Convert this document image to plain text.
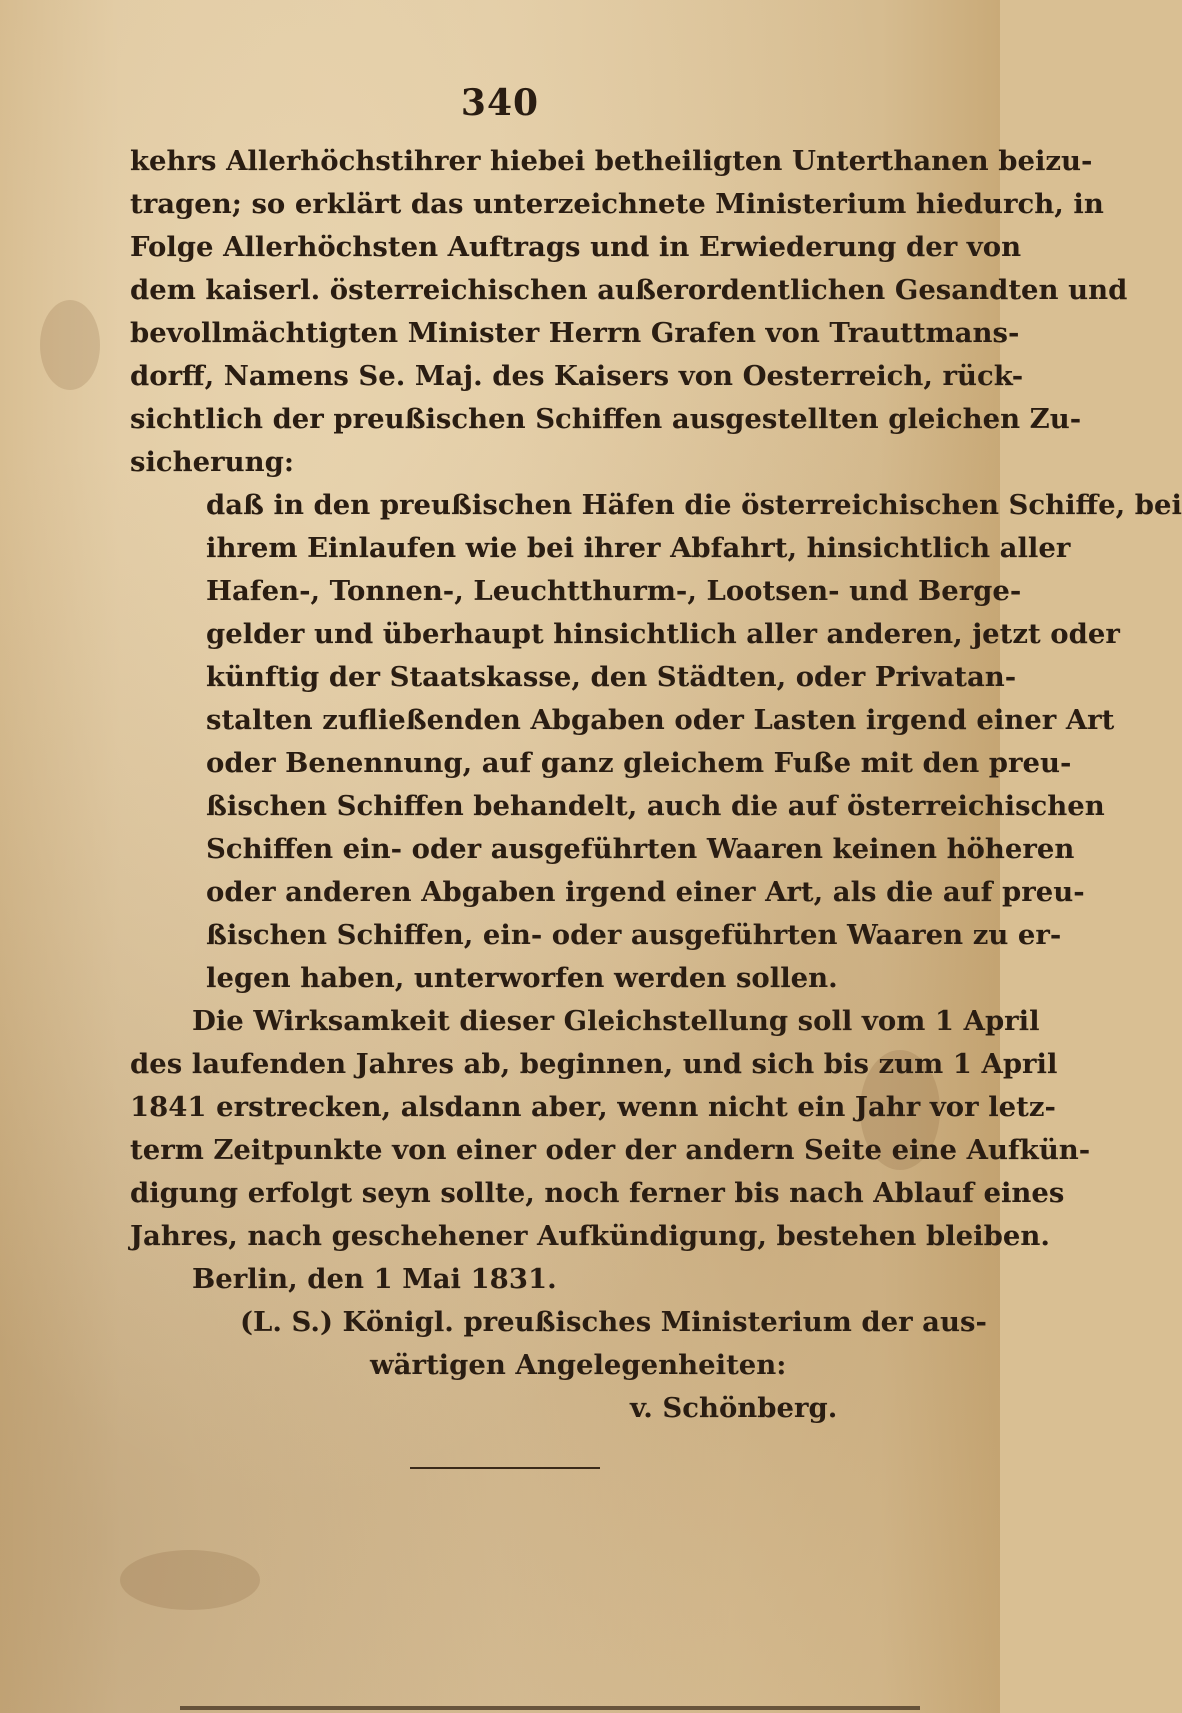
340
kehrs Allerhöchstihrer hiebei betheiligten Unterthanen beizu-
tragen; so erklärt das unterzeichnete Ministerium hiedurch, in
Folge Allerhöchsten Auftrags und in Erwiederung der von
dem kaiserl. österreichischen außerordentlichen Gesandten und
bevollmächtigten Minister Herrn Grafen von Trauttmans-
dorff, Namens Se. Maj. des Kaisers von Oesterreich, rück-
sichtlich der preußischen Schiffen ausgestellten gleichen Zu-
sicherung:
daß in den preußischen Häfen die österreichischen Schiffe, bei
ihrem Einlaufen wie bei ihrer Abfahrt, hinsichtlich aller
Hafen-, Tonnen-, Leuchtthurm-, Lootsen- und Berge-
gelder und überhaupt hinsichtlich aller anderen, jetzt oder
künftig der Staatskasse, den Städten, oder Privatan-
stalten zufließenden Abgaben oder Lasten irgend einer Art
oder Benennung, auf ganz gleichem Fuße mit den preu-
ßischen Schiffen behandelt, auch die auf österreichischen
Schiffen ein- oder ausgeführten Waaren keinen höheren
oder anderen Abgaben irgend einer Art, als die auf preu-
ßischen Schiffen, ein- oder ausgeführten Waaren zu er-
legen haben, unterworfen werden sollen.
Die Wirksamkeit dieser Gleichstellung soll vom 1 April
des laufenden Jahres ab, beginnen, und sich bis zum 1 April
1841 erstrecken, alsdann aber, wenn nicht ein Jahr vor letz-
term Zeitpunkte von einer oder der andern Seite eine Aufkün-
digung erfolgt seyn sollte, noch ferner bis nach Ablauf eines
Jahres, nach geschehener Aufkündigung, bestehen bleiben.
Berlin, den 1 Mai 1831.
(L. S.) Königl. preußisches Ministerium der aus-
wärtigen Angelegenheiten:
v. Schönberg.
